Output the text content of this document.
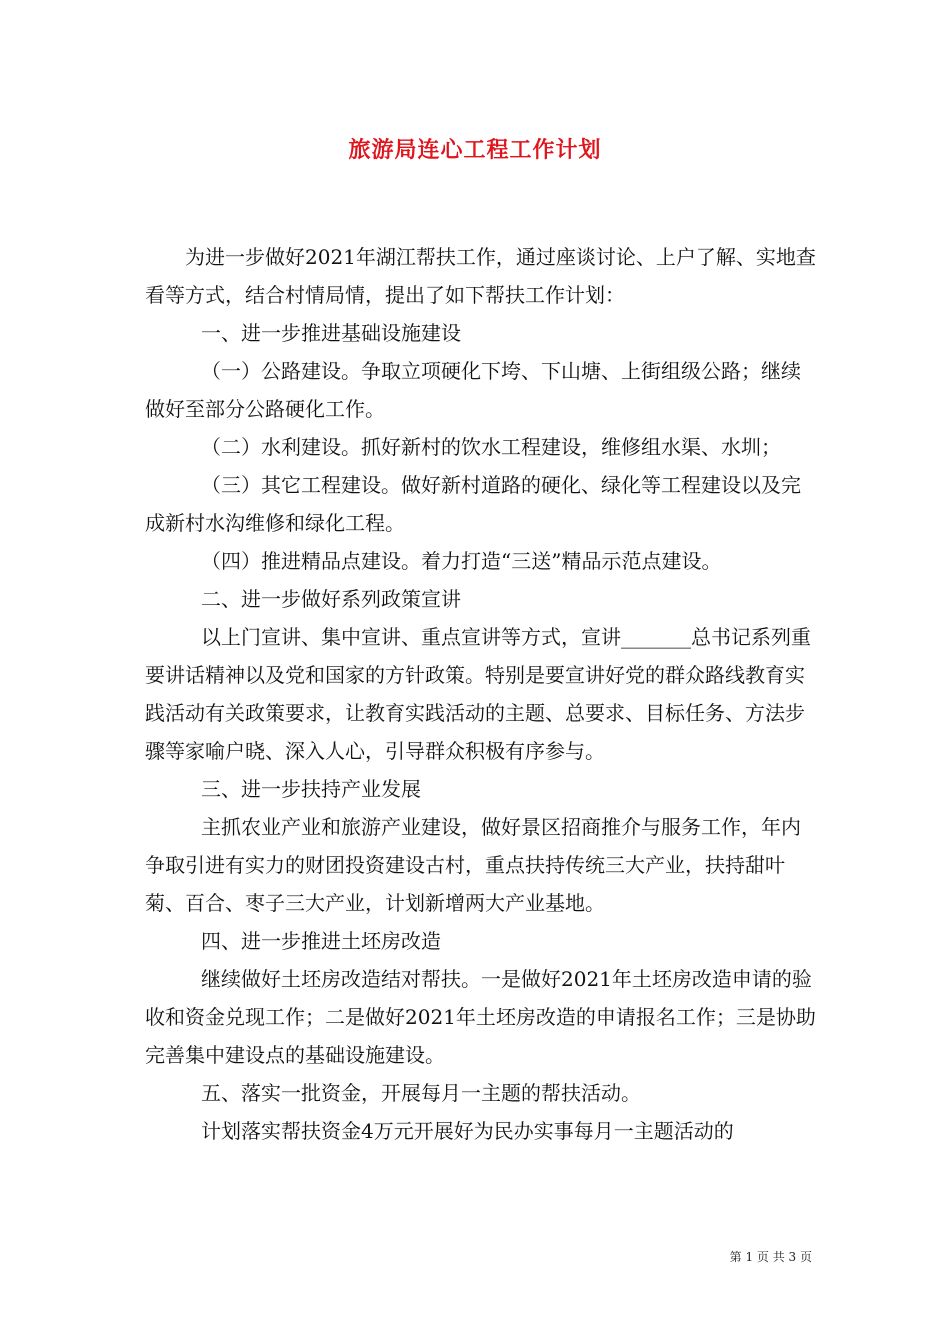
旅游局连心工程工作计划

为进一步做好2021年湖江帮扶工作，通过座谈讨论、上户了解、实地查看等方式，结合村情局情，提出了如下帮扶工作计划：

一、进一步推进基础设施建设

（一）公路建设。争取立项硬化下垮、下山塘、上街组级公路；继续做好至部分公路硬化工作。

（二）水利建设。抓好新村的饮水工程建设，维修组水渠、水圳；

（三）其它工程建设。做好新村道路的硬化、绿化等工程建设以及完成新村水沟维修和绿化工程。

（四）推进精品点建设。着力打造“三送”精品示范点建设。

二、进一步做好系列政策宣讲

以上门宣讲、集中宣讲、重点宣讲等方式，宣讲_______总书记系列重要讲话精神以及党和国家的方针政策。特别是要宣讲好党的群众路线教育实践活动有关政策要求，让教育实践活动的主题、总要求、目标任务、方法步骤等家喻户晓、深入人心，引导群众积极有序参与。

三、进一步扶持产业发展

主抓农业产业和旅游产业建设，做好景区招商推介与服务工作，年内争取引进有实力的财团投资建设古村，重点扶持传统三大产业，扶持甜叶菊、百合、枣子三大产业，计划新增两大产业基地。

四、进一步推进土坯房改造

继续做好土坯房改造结对帮扶。一是做好2021年土坯房改造申请的验收和资金兑现工作；二是做好2021年土坯房改造的申请报名工作；三是协助完善集中建设点的基础设施建设。

五、落实一批资金，开展每月一主题的帮扶活动。

计划落实帮扶资金4万元开展好为民办实事每月一主题活动的

第 1 页 共 3 页
